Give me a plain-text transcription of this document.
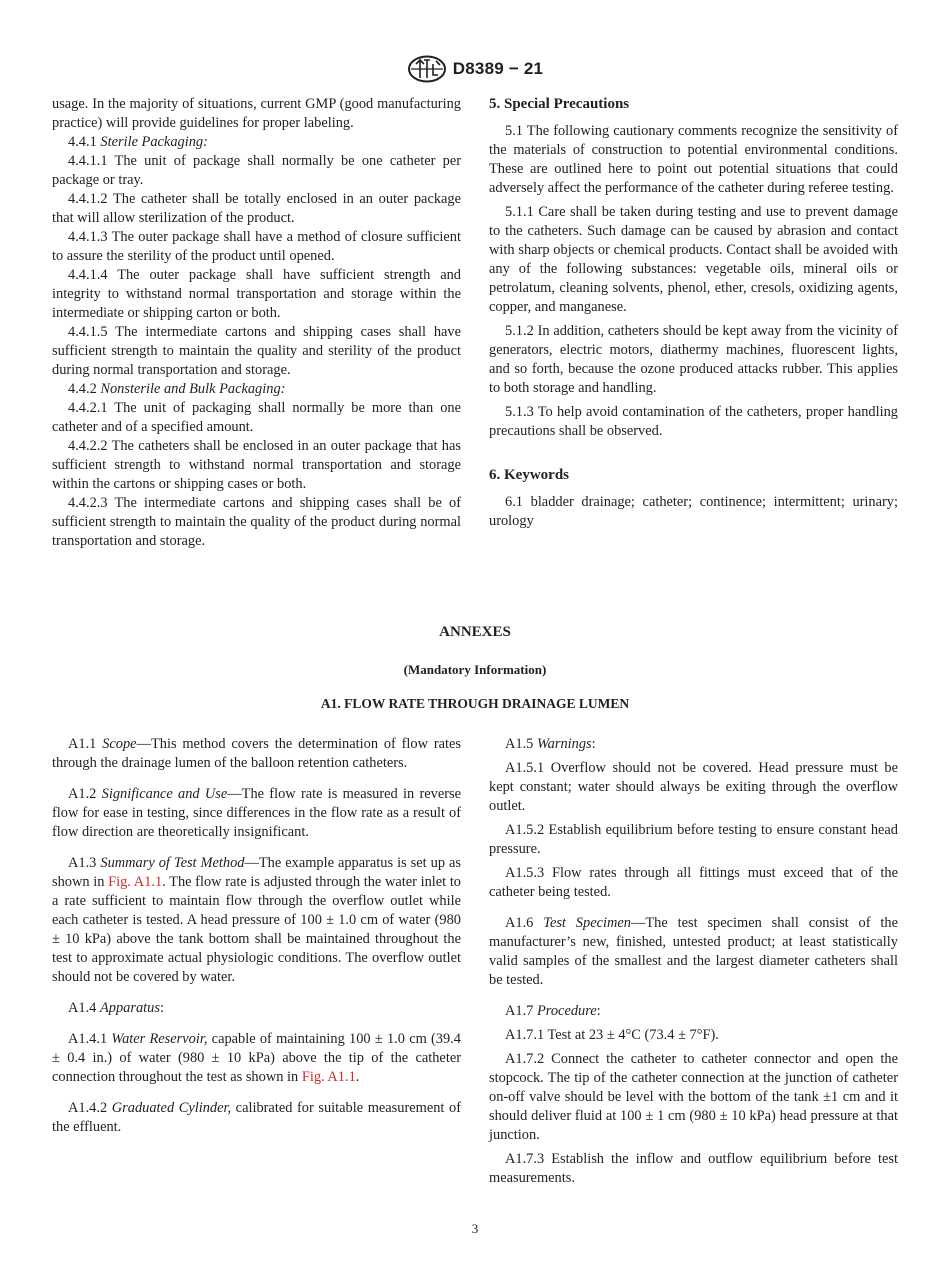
D8389 − 21

usage. In the majority of situations, current GMP (good manufacturing practice) will provide guidelines for proper labeling.

4.4.1 Sterile Packaging:

4.4.1.1 The unit of package shall normally be one catheter per package or tray.

4.4.1.2 The catheter shall be totally enclosed in an outer package that will allow sterilization of the product.

4.4.1.3 The outer package shall have a method of closure sufficient to assure the sterility of the product until opened.

4.4.1.4 The outer package shall have sufficient strength and integrity to withstand normal transportation and storage within the intermediate or shipping carton or both.

4.4.1.5 The intermediate cartons and shipping cases shall have sufficient strength to maintain the quality and sterility of the product during normal transportation and storage.

4.4.2 Nonsterile and Bulk Packaging:

4.4.2.1 The unit of packaging shall normally be more than one catheter and of a specified amount.

4.4.2.2 The catheters shall be enclosed in an outer package that has sufficient strength to withstand normal transportation and storage within the cartons or shipping cases or both.

4.4.2.3 The intermediate cartons and shipping cases shall be of sufficient strength to maintain the quality of the product during normal transportation and storage.

5. Special Precautions

5.1 The following cautionary comments recognize the sensitivity of the materials of construction to potential environmental conditions. These are outlined here to point out potential situations that could adversely affect the performance of the catheter during referee testing.

5.1.1 Care shall be taken during testing and use to prevent damage to the catheters. Such damage can be caused by abrasion and contact with sharp objects or chemical products. Contact shall be avoided with any of the following substances: vegetable oils, mineral oils or petrolatum, cleaning solvents, phenol, ether, cresols, oxidizing agents, copper, and manganese.

5.1.2 In addition, catheters should be kept away from the vicinity of generators, electric motors, diathermy machines, fluorescent lights, and so forth, because the ozone produced attacks rubber. This applies to both storage and handling.

5.1.3 To help avoid contamination of the catheters, proper handling precautions shall be observed.

6. Keywords

6.1 bladder drainage; catheter; continence; intermittent; urinary; urology

ANNEXES
(Mandatory Information)
A1. FLOW RATE THROUGH DRAINAGE LUMEN

A1.1 Scope—This method covers the determination of flow rates through the drainage lumen of the balloon retention catheters.

A1.2 Significance and Use—The flow rate is measured in reverse flow for ease in testing, since differences in the flow rate as a result of flow direction are theoretically insignificant.

A1.3 Summary of Test Method—The example apparatus is set up as shown in Fig. A1.1. The flow rate is adjusted through the water inlet to a rate sufficient to maintain flow through the overflow outlet while each catheter is tested. A head pressure of 100 ± 1.0 cm of water (980 ± 10 kPa) above the tank bottom shall be maintained throughout the test to approximate actual physiologic conditions. The overflow outlet should not be covered by water.

A1.4 Apparatus:

A1.4.1 Water Reservoir, capable of maintaining 100 ± 1.0 cm (39.4 ± 0.4 in.) of water (980 ± 10 kPa) above the tip of the catheter connection throughout the test as shown in Fig. A1.1.

A1.4.2 Graduated Cylinder, calibrated for suitable measurement of the effluent.

A1.5 Warnings:

A1.5.1 Overflow should not be covered. Head pressure must be kept constant; water should always be exiting through the overflow outlet.

A1.5.2 Establish equilibrium before testing to ensure constant head pressure.

A1.5.3 Flow rates through all fittings must exceed that of the catheter being tested.

A1.6 Test Specimen—The test specimen shall consist of the manufacturer’s new, finished, untested product; at least statistically valid samples of the smallest and the largest diameter catheters shall be tested.

A1.7 Procedure:

A1.7.1 Test at 23 ± 4°C (73.4 ± 7°F).

A1.7.2 Connect the catheter to catheter connector and open the stopcock. The tip of the catheter connection at the junction of catheter on-off valve should be level with the bottom of the tank ±1 cm and it should deliver fluid at 100 ± 1 cm (980 ± 10 kPa) head pressure at that junction.

A1.7.3 Establish the inflow and outflow equilibrium before test measurements.

3
